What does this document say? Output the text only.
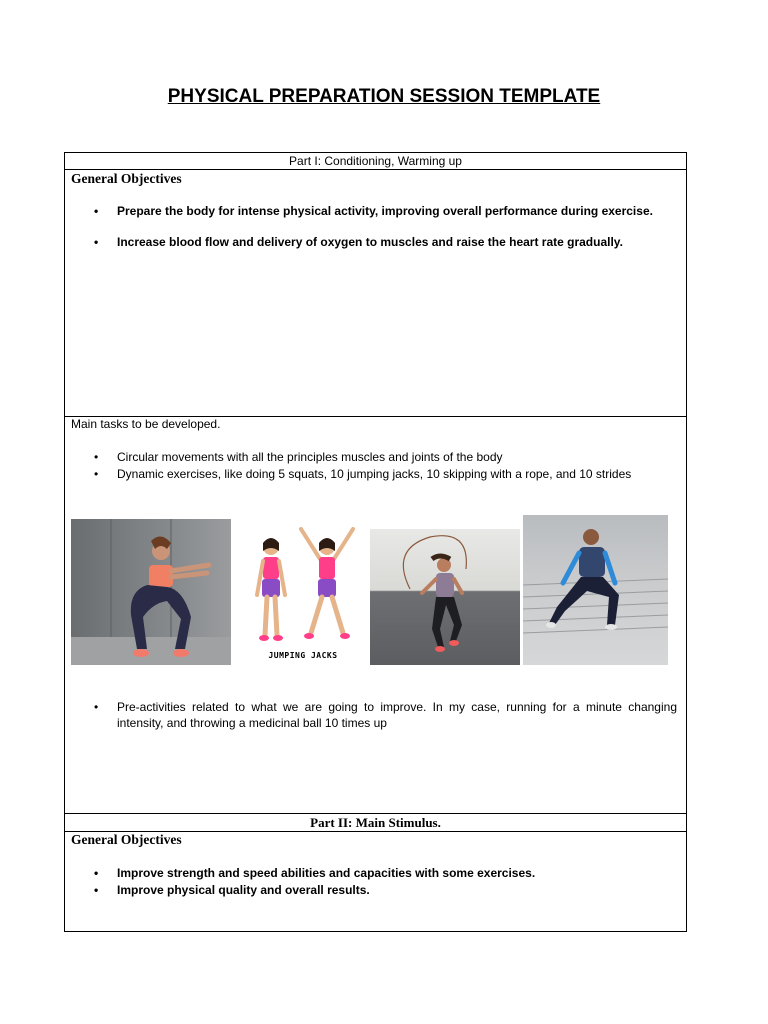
PHYSICAL PREPARATION SESSION TEMPLATE
Part I: Conditioning, Warming up
General Objectives
• Prepare the body for intense physical activity, improving overall performance during exercise.
• Increase blood flow and delivery of oxygen to muscles and raise the heart rate gradually.
Main tasks to be developed.
• Circular movements with all the principles muscles and joints of the body
• Dynamic exercises, like doing 5 squats, 10 jumping jacks, 10 skipping with a rope, and 10 strides
JUMPING JACKS
• Pre-activities related to what we are going to improve. In my case, running for a minute changing intensity, and throwing a medicinal ball 10 times up
Part II: Main Stimulus.
General Objectives
• Improve strength and speed abilities and capacities with some exercises.
• Improve physical quality and overall results.
